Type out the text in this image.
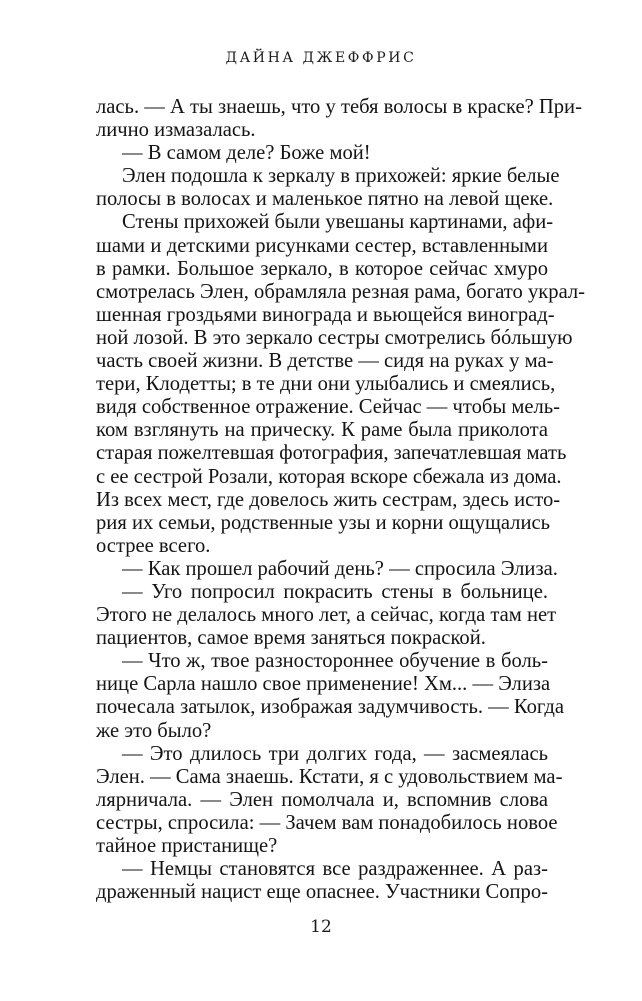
ДАЙНА ДЖЕФФРИС
лась. — А ты знаешь, что у тебя волосы в краске? При-
лично измазалась.
— В самом деле? Боже мой!
Элен подошла к зеркалу в прихожей: яркие белые
полосы в волосах и маленькое пятно на левой щеке.
Стены прихожей были увешаны картинами, афи-
шами и детскими рисунками сестер, вставленными
в рамки. Большое зеркало, в которое сейчас хмуро
смотрелась Элен, обрамляла резная рама, богато украл-
шенная гроздьями винограда и вьющейся виноград-
ной лозой. В это зеркало сестры смотрелись бóльшую
часть своей жизни. В детстве — сидя на руках у ма-
тери, Клодетты; в те дни они улыбались и смеялись,
видя собственное отражение. Сейчас — чтобы мель-
ком взглянуть на прическу. К раме была приколота
старая пожелтевшая фотография, запечатлевшая мать
с ее сестрой Розали, которая вскоре сбежала из дома.
Из всех мест, где довелось жить сестрам, здесь исто-
рия их семьи, родственные узы и корни ощущались
острее всего.
— Как прошел рабочий день? — спросила Элиза.
— Уго попросил покрасить стены в больнице.
Этого не делалось много лет, а сейчас, когда там нет
пациентов, самое время заняться покраской.
— Что ж, твое разностороннее обучение в боль-
нице Сарла нашло свое применение! Хм... — Элиза
почесала затылок, изображая задумчивость. — Когда
же это было?
— Это длилось три долгих года, — засмеялась
Элен. — Сама знаешь. Кстати, я с удовольствием ма-
лярничала. — Элен помолчала и, вспомнив слова
сестры, спросила: — Зачем вам понадобилось новое
тайное пристанище?
— Немцы становятся все раздраженнее. А раз-
драженный нацист еще опаснее. Участники Сопро-
12
